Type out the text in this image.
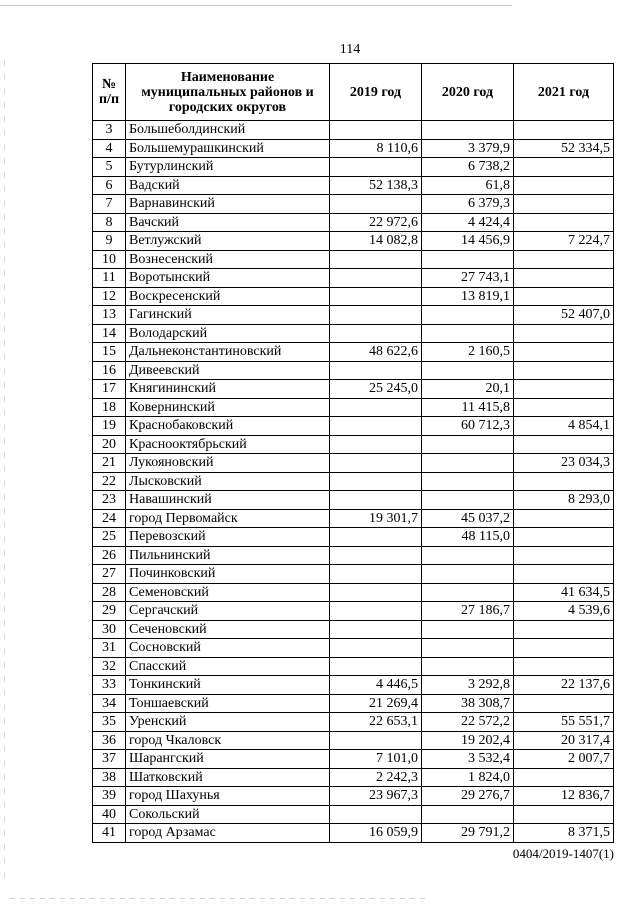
114
№ п/п	Наименование муниципальных районов и городских округов	2019 год	2020 год	2021 год
3	Большеболдинский			
4	Большемурашкинский	8 110,6	3 379,9	52 334,5
5	Бутурлинский		6 738,2	
6	Вадский	52 138,3	61,8	
7	Варнавинский		6 379,3	
8	Вачский	22 972,6	4 424,4	
9	Ветлужский	14 082,8	14 456,9	7 224,7
10	Вознесенский			
11	Воротынский		27 743,1	
12	Воскресенский		13 819,1	
13	Гагинский			52 407,0
14	Володарский			
15	Дальнеконстантиновский	48 622,6	2 160,5	
16	Дивеевский			
17	Княгининский	25 245,0	20,1	
18	Ковернинский		11 415,8	
19	Краснобаковский		60 712,3	4 854,1
20	Краснооктябрьский			
21	Лукояновский			23 034,3
22	Лысковский			
23	Навашинский			8 293,0
24	город Первомайск	19 301,7	45 037,2	
25	Перевозский		48 115,0	
26	Пильнинский			
27	Починковский			
28	Семеновский			41 634,5
29	Сергачский		27 186,7	4 539,6
30	Сеченовский			
31	Сосновский			
32	Спасский			
33	Тонкинский	4 446,5	3 292,8	22 137,6
34	Тоншаевский	21 269,4	38 308,7	
35	Уренский	22 653,1	22 572,2	55 551,7
36	город Чкаловск		19 202,4	20 317,4
37	Шарангский	7 101,0	3 532,4	2 007,7
38	Шатковский	2 242,3	1 824,0	
39	город Шахунья	23 967,3	29 276,7	12 836,7
40	Сокольский			
41	город Арзамас	16 059,9	29 791,2	8 371,5
0404/2019-1407(1)
